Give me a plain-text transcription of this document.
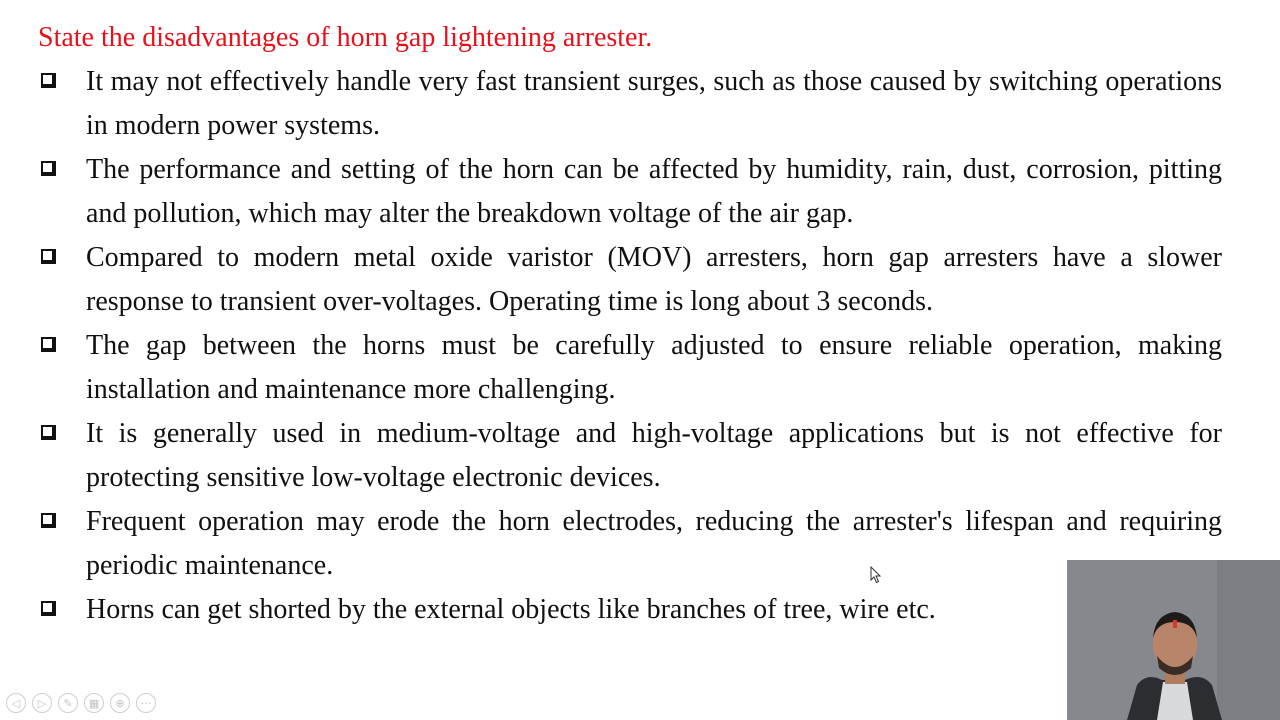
State the disadvantages of horn gap lightening arrester.
It may not effectively handle very fast transient surges, such as those caused by switching operations in modern power systems.
The performance and setting of the horn can be affected by humidity, rain, dust, corrosion, pitting and pollution, which may alter the breakdown voltage of the air gap.
Compared to modern metal oxide varistor (MOV) arresters, horn gap arresters have a slower response to transient over-voltages. Operating time is long about 3 seconds.
The gap between the horns must be carefully adjusted to ensure reliable operation, making installation and maintenance more challenging.
It is generally used in medium-voltage and high-voltage applications but is not effective for protecting sensitive low-voltage electronic devices.
Frequent operation may erode the horn electrodes, reducing the arrester's lifespan and requiring periodic maintenance.
Horns can get shorted by the external objects like branches of tree, wire etc.
◁	▷	✎	▦	⊕	···
